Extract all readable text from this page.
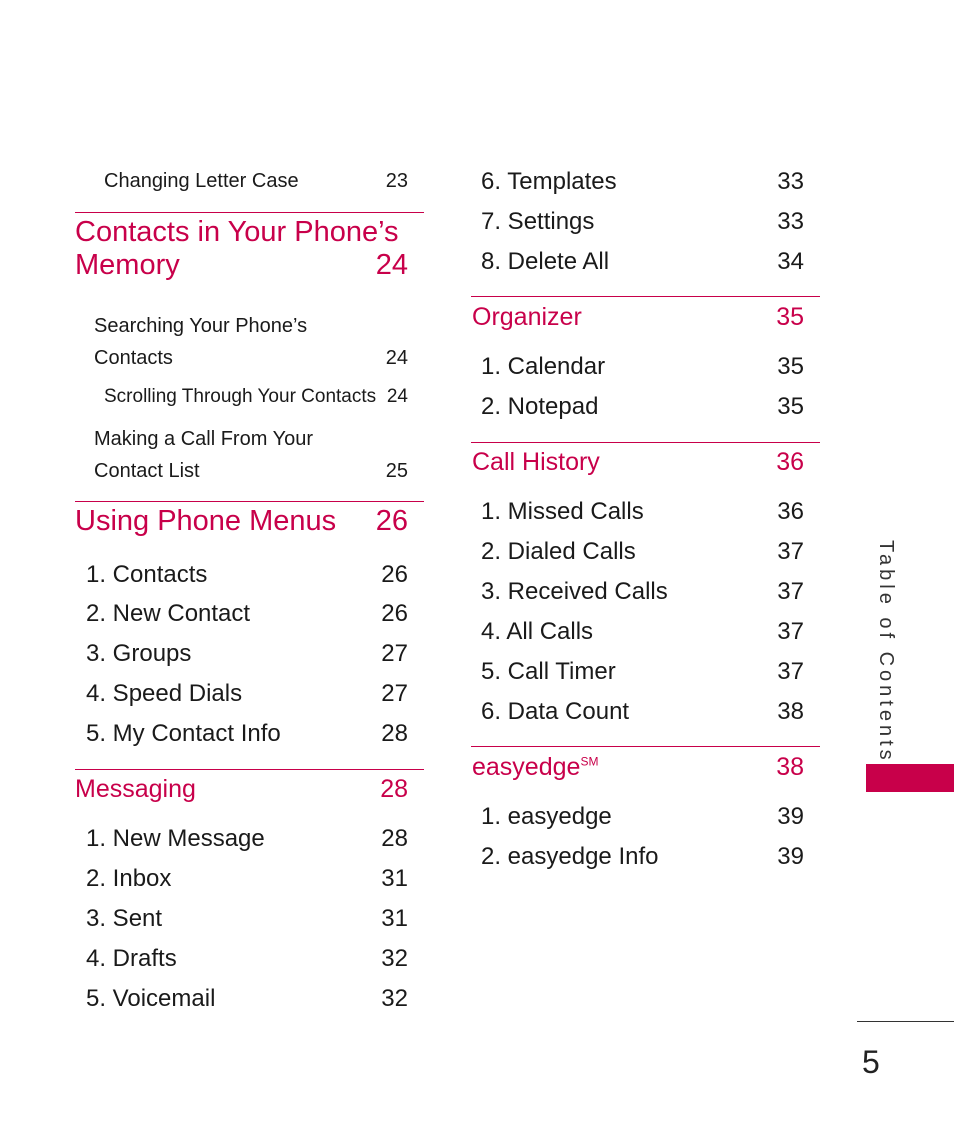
Changing Letter Case	23
Contacts in Your Phone’s
Memory	24
Searching Your Phone’s
Contacts	24
Scrolling Through Your Contacts 24
Making a Call From Your
Contact List	25
Using Phone Menus 26
1. Contacts	26
2. New Contact	26
3. Groups	27
4. Speed Dials	27
5. My Contact Info	28
Messaging	28
1. New Message	28
2. Inbox	31
3. Sent	31
4. Drafts	32
5. Voicemail	32
6. Templates	33
7. Settings	33
8. Delete All	34
Organizer	35
1. Calendar	35
2. Notepad	35
Call History	36
1. Missed Calls	36
2. Dialed Calls	37
3. Received Calls	37
4. All Calls	37
5. Call Timer	37
6. Data Count	38
easyedge℠	38
1. easyedge	39
2. easyedge Info	39
Table of Contents
5
